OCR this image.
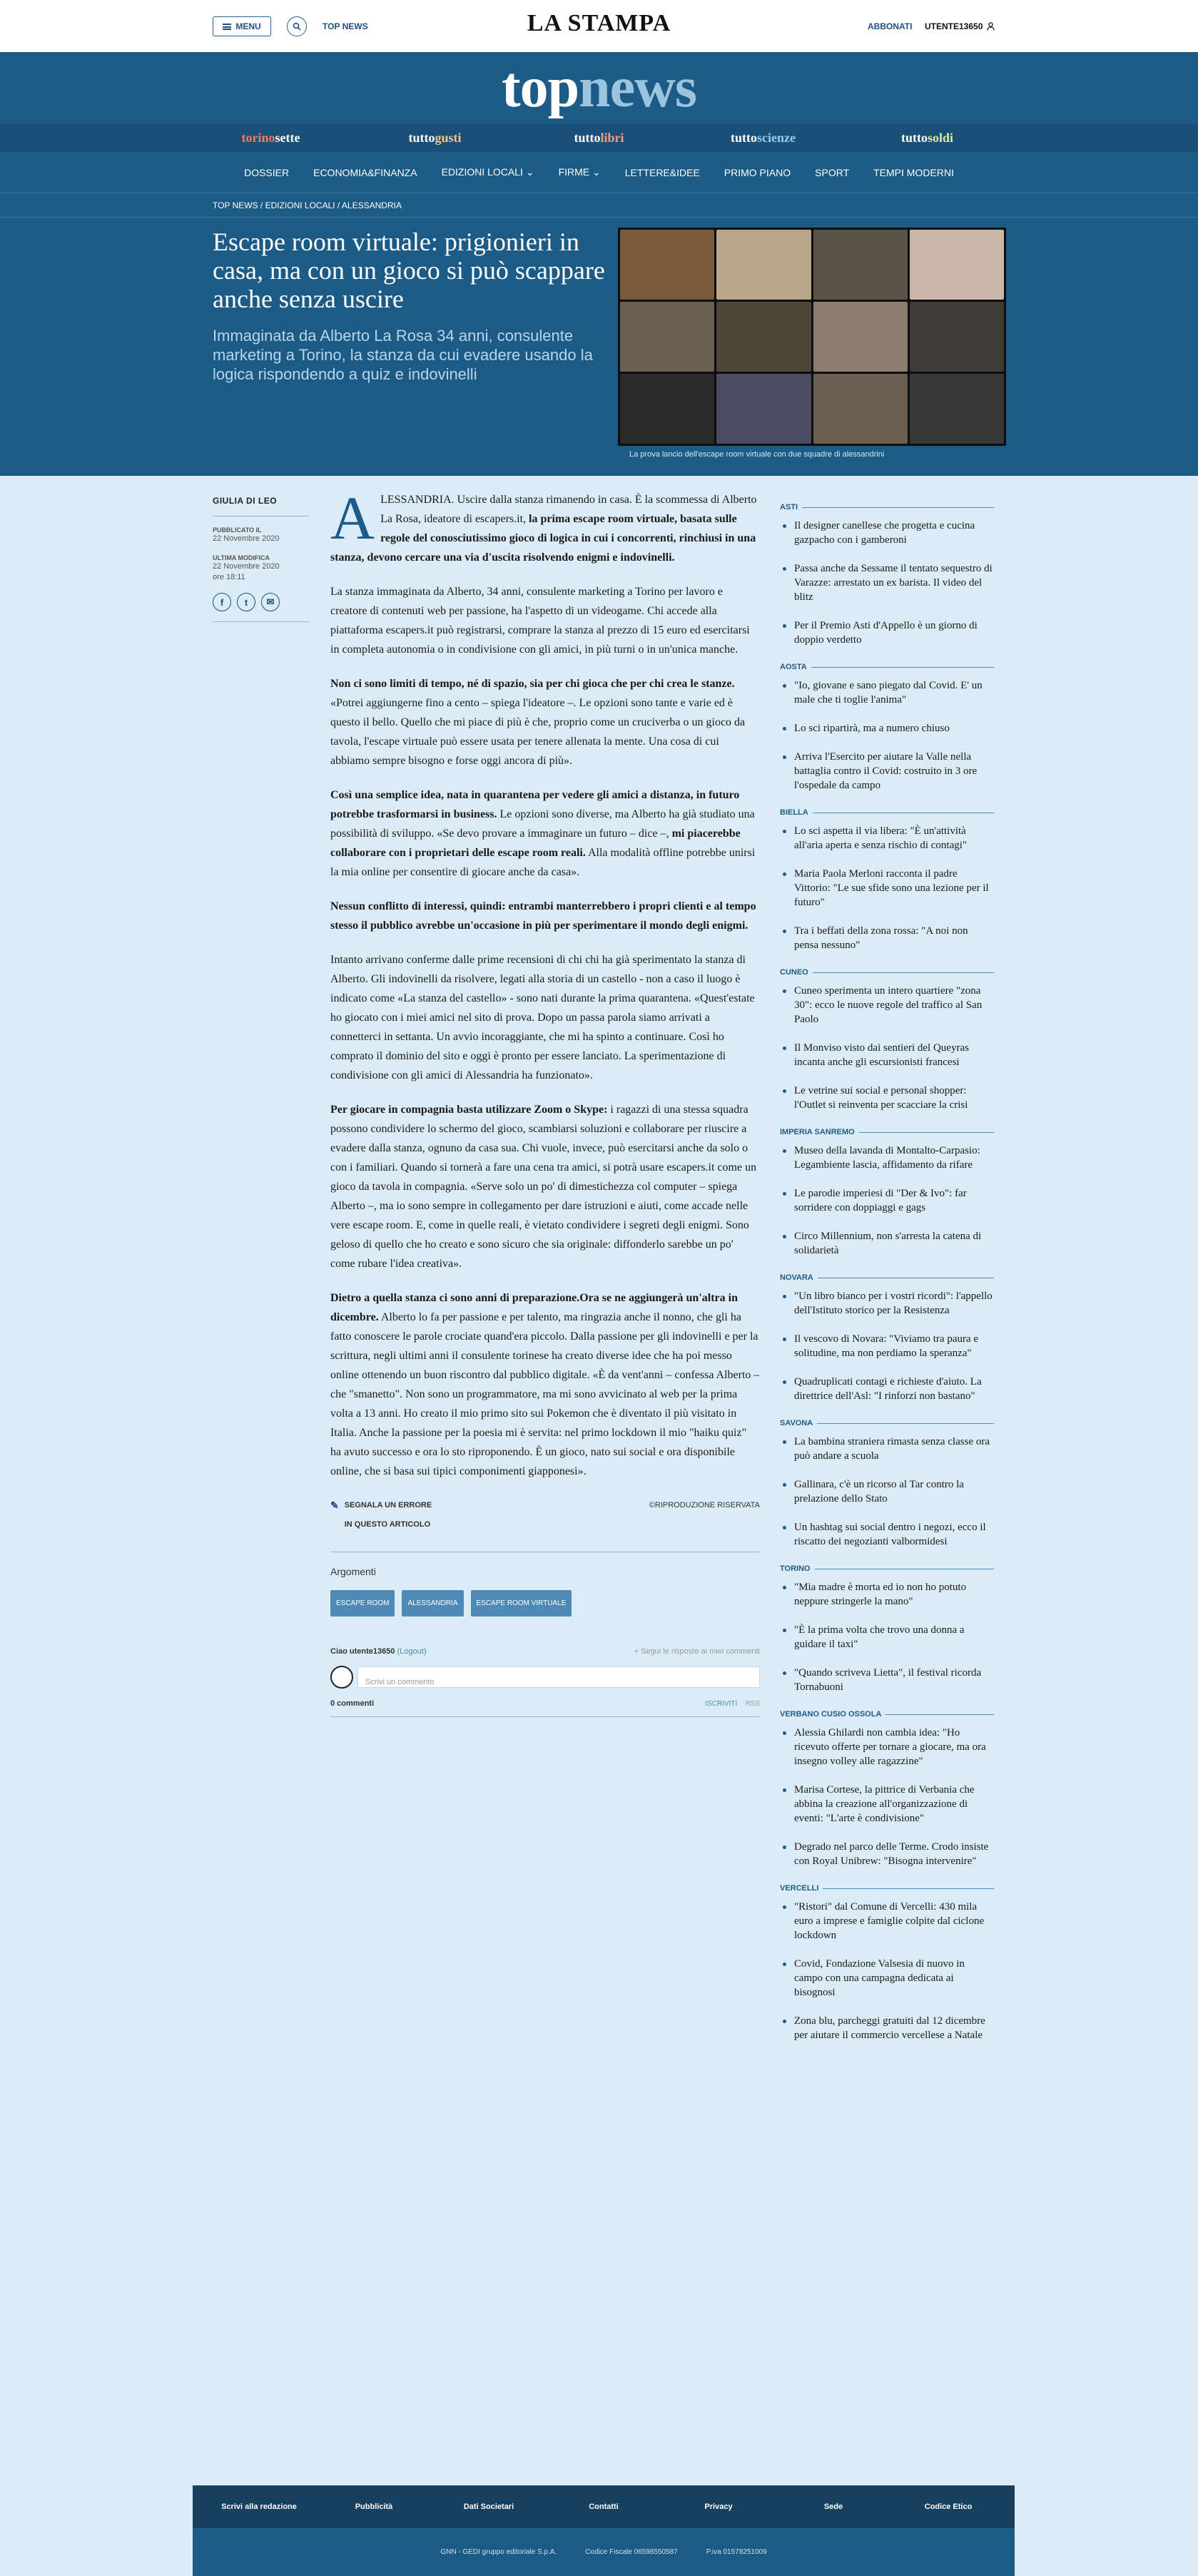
MENU	TOP NEWS	LA STAMPA	ABBONATI UTENTE13650
topnews
torinosette	tuttogusti	tuttolibri	tuttoscienze	tuttosoldi
DOSSIER ECONOMIA&FINANZA EDIZIONI LOCALI ⌄ FIRME ⌄ LETTERE&IDEE PRIMO PIANO SPORT TEMPI MODERNI
TOP NEWS / EDIZIONI LOCALI / ALESSANDRIA
Escape room virtuale: prigionieri in casa, ma con un gioco si può scappare anche senza uscire
Immaginata da Alberto La Rosa 34 anni, consulente marketing a Torino, la stanza da cui evadere usando la logica rispondendo a quiz e indovinelli
La prova lancio dell'escape room virtuale con due squadre di alessandrini
GIULIA DI LEO
PUBBLICATO IL
22 Novembre 2020
ULTIMA MODIFICA
22 Novembre 2020
ore 18:11
f	t	✉

ALESSANDRIA. Uscire dalla stanza rimanendo in casa. È la scommessa di Alberto La Rosa, ideatore di escapers.it, la prima escape room virtuale, basata sulle regole del conosciutissimo gioco di logica in cui i concorrenti, rinchiusi in una stanza, devono cercare una via d'uscita risolvendo enigmi e indovinelli.

La stanza immaginata da Alberto, 34 anni, consulente marketing a Torino per lavoro e creatore di contenuti web per passione, ha l'aspetto di un videogame. Chi accede alla piattaforma escapers.it può registrarsi, comprare la stanza al prezzo di 15 euro ed esercitarsi in completa autonomia o in condivisione con gli amici, in più turni o in un'unica manche.

Non ci sono limiti di tempo, né di spazio, sia per chi gioca che per chi crea le stanze. «Potrei aggiungerne fino a cento – spiega l'ideatore –. Le opzioni sono tante e varie ed è questo il bello. Quello che mi piace di più è che, proprio come un cruciverba o un gioco da tavola, l'escape virtuale può essere usata per tenere allenata la mente. Una cosa di cui abbiamo sempre bisogno e forse oggi ancora di più».

Così una semplice idea, nata in quarantena per vedere gli amici a distanza, in futuro potrebbe trasformarsi in business. Le opzioni sono diverse, ma Alberto ha già studiato una possibilità di sviluppo. «Se devo provare a immaginare un futuro – dice –, mi piacerebbe collaborare con i proprietari delle escape room reali. Alla modalità offline potrebbe unirsi la mia online per consentire di giocare anche da casa».

Nessun conflitto di interessi, quindi: entrambi manterrebbero i propri clienti e al tempo stesso il pubblico avrebbe un'occasione in più per sperimentare il mondo degli enigmi.

Intanto arrivano conferme dalle prime recensioni di chi chi ha già sperimentato la stanza di Alberto. Gli indovinelli da risolvere, legati alla storia di un castello - non a caso il luogo è indicato come «La stanza del castello» - sono nati durante la prima quarantena. «Quest'estate ho giocato con i miei amici nel sito di prova. Dopo un passa parola siamo arrivati a connetterci in settanta. Un avvio incoraggiante, che mi ha spinto a continuare. Così ho comprato il dominio del sito e oggi è pronto per essere lanciato. La sperimentazione di condivisione con gli amici di Alessandria ha funzionato».

Per giocare in compagnia basta utilizzare Zoom o Skype: i ragazzi di una stessa squadra possono condividere lo schermo del gioco, scambiarsi soluzioni e collaborare per riuscire a evadere dalla stanza, ognuno da casa sua. Chi vuole, invece, può esercitarsi anche da solo o con i familiari. Quando si tornerà a fare una cena tra amici, si potrà usare escapers.it come un gioco da tavola in compagnia. «Serve solo un po' di dimestichezza col computer – spiega Alberto –, ma io sono sempre in collegamento per dare istruzioni e aiuti, come accade nelle vere escape room. E, come in quelle reali, è vietato condividere i segreti degli enigmi. Sono geloso di quello che ho creato e sono sicuro che sia originale: diffonderlo sarebbe un po' come rubare l'idea creativa».

Dietro a quella stanza ci sono anni di preparazione.Ora se ne aggiungerà un'altra in dicembre. Alberto lo fa per passione e per talento, ma ringrazia anche il nonno, che gli ha fatto conoscere le parole crociate quand'era piccolo. Dalla passione per gli indovinelli e per la scrittura, negli ultimi anni il consulente torinese ha creato diverse idee che ha poi messo online ottenendo un buon riscontro dal pubblico digitale. «È da vent'anni – confessa Alberto – che "smanetto". Non sono un programmatore, ma mi sono avvicinato al web per la prima volta a 13 anni. Ho creato il mio primo sito sui Pokemon che è diventato il più visitato in Italia. Anche la passione per la poesia mi è servita: nel primo lockdown il mio "haiku quiz" ha avuto successo e ora lo sto riproponendo. È un gioco, nato sui social e ora disponibile online, che si basa sui tipici componimenti giapponesi».

✎ SEGNALA UN ERRORE IN QUESTO ARTICOLO
©RIPRODUZIONE RISERVATA
Argomenti
ESCAPE ROOM	ALESSANDRIA	ESCAPE ROOM VIRTUALE
Ciao utente13650 (Logout)	+ Segui le risposte ai miei commenti
Scrivi un commento
0 commenti	ISCRIVITI RSS
ASTI
Il designer canellese che progetta e cucina gazpacho con i gamberoni
Passa anche da Sessame il tentato sequestro di Varazze: arrestato un ex barista. Il video del blitz
Per il Premio Asti d'Appello è un giorno di doppio verdetto
AOSTA
"Io, giovane e sano piegato dal Covid. E' un male che ti toglie l'anima"
Lo sci ripartirà, ma a numero chiuso
Arriva l'Esercito per aiutare la Valle nella battaglia contro il Covid: costruito in 3 ore l'ospedale da campo
BIELLA
Lo sci aspetta il via libera: "È un'attività all'aria aperta e senza rischio di contagi"
Maria Paola Merloni racconta il padre Vittorio: "Le sue sfide sono una lezione per il futuro"
Tra i beffati della zona rossa: "A noi non pensa nessuno"
CUNEO
Cuneo sperimenta un intero quartiere "zona 30": ecco le nuove regole del traffico al San Paolo
Il Monviso visto dai sentieri del Queyras incanta anche gli escursionisti francesi
Le vetrine sui social e personal shopper: l'Outlet si reinventa per scacciare la crisi
IMPERIA SANREMO
Museo della lavanda di Montalto-Carpasio: Legambiente lascia, affidamento da rifare
Le parodie imperiesi di "Der & Ivo": far sorridere con doppiaggi e gags
Circo Millennium, non s'arresta la catena di solidarietà
NOVARA
"Un libro bianco per i vostri ricordi": l'appello dell'Istituto storico per la Resistenza
Il vescovo di Novara: "Viviamo tra paura e solitudine, ma non perdiamo la speranza"
Quadruplicati contagi e richieste d'aiuto. La direttrice dell'Asl: "I rinforzi non bastano"
SAVONA
La bambina straniera rimasta senza classe ora può andare a scuola
Gallinara, c'è un ricorso al Tar contro la prelazione dello Stato
Un hashtag sui social dentro i negozi, ecco il riscatto dei negozianti valbormidesi
TORINO
"Mia madre è morta ed io non ho potuto neppure stringerle la mano"
"È la prima volta che trovo una donna a guidare il taxi"
"Quando scriveva Lietta", il festival ricorda Tornabuoni
VERBANO CUSIO OSSOLA
Alessia Ghilardi non cambia idea: "Ho ricevuto offerte per tornare a giocare, ma ora insegno volley alle ragazzine"
Marisa Cortese, la pittrice di Verbania che abbina la creazione all'organizzazione di eventi: "L'arte è condivisione"
Degrado nel parco delle Terme. Crodo insiste con Royal Unibrew: "Bisogna intervenire"
VERCELLI
"Ristori" dal Comune di Vercelli: 430 mila euro a imprese e famiglie colpite dal ciclone lockdown
Covid, Fondazione Valsesia di nuovo in campo con una campagna dedicata ai bisognosi
Zona blu, parcheggi gratuiti dal 12 dicembre per aiutare il commercio vercellese a Natale
Scrivi alla redazione	Pubblicità	Dati Societari	Contatti	Privacy	Sede	Codice Etico
GNN - GEDI gruppo editoriale S.p.A.	Codice Fiscale 06598550587	P.iva 01578251009
